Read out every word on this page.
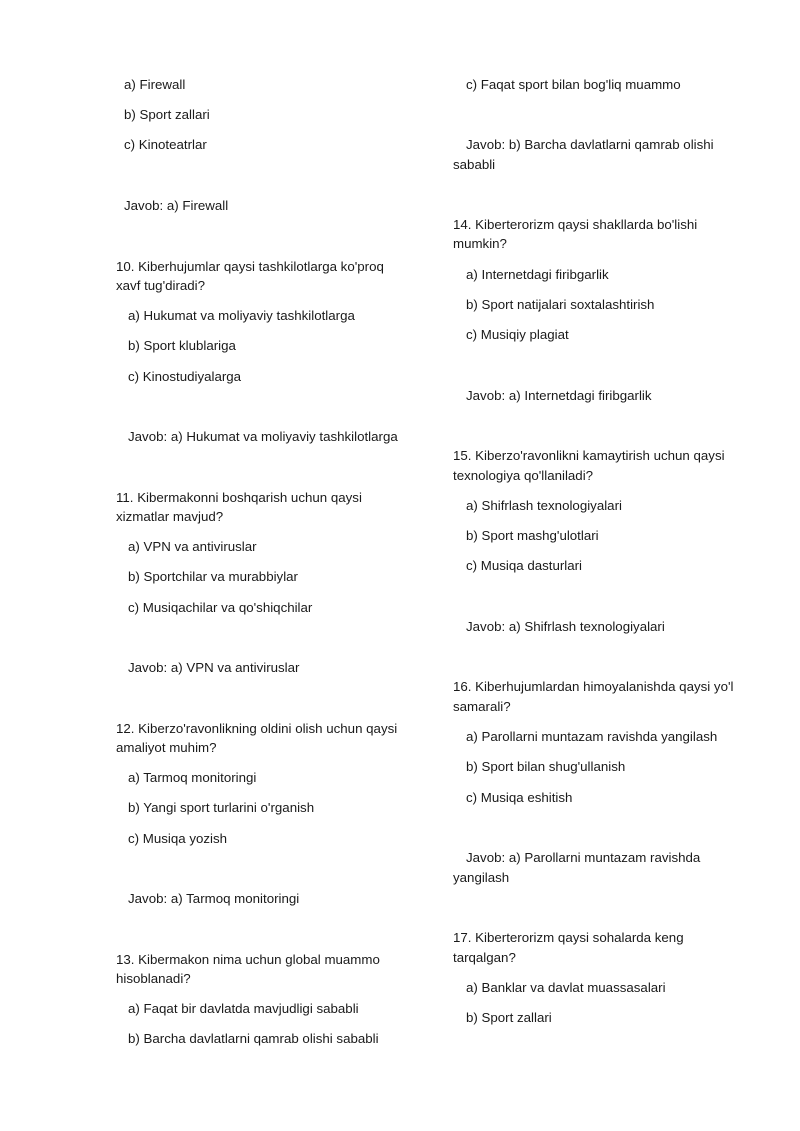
a) Firewall
b) Sport zallari
c) Kinoteatrlar
Javob: a) Firewall
10. Kiberhujumlar qaysi tashkilotlarga ko'proq
xavf tug'diradi?
a) Hukumat va moliyaviy tashkilotlarga
b) Sport klublariga
c) Kinostudiyalarga
Javob: a) Hukumat va moliyaviy tashkilotlarga
11. Kibermakonni boshqarish uchun qaysi
xizmatlar mavjud?
a) VPN va antiviruslar
b) Sportchilar va murabbiylar
c) Musiqachilar va qo'shiqchilar
Javob: a) VPN va antiviruslar
12. Kiberzo'ravonlikning oldini olish uchun qaysi
amaliyot muhim?
a) Tarmoq monitoringi
b) Yangi sport turlarini o'rganish
c) Musiqa yozish
Javob: a) Tarmoq monitoringi
13. Kibermakon nima uchun global muammo
hisoblanadi?
a) Faqat bir davlatda mavjudligi sababli
b) Barcha davlatlarni qamrab olishi sababli
c) Faqat sport bilan bog'liq muammo
Javob: b) Barcha davlatlarni qamrab olishi
sababli
14. Kiberterorizm qaysi shakllarda bo'lishi
mumkin?
a) Internetdagi firibgarlik
b) Sport natijalari soxtalashtirish
c) Musiqiy plagiat
Javob: a) Internetdagi firibgarlik
15. Kiberzo'ravonlikni kamaytirish uchun qaysi
texnologiya qo'llaniladi?
a) Shifrlash texnologiyalari
b) Sport mashg'ulotlari
c) Musiqa dasturlari
Javob: a) Shifrlash texnologiyalari
16. Kiberhujumlardan himoyalanishda qaysi yo'l
samarali?
a) Parollarni muntazam ravishda yangilash
b) Sport bilan shug'ullanish
c) Musiqa eshitish
Javob: a) Parollarni muntazam ravishda
yangilash
17. Kiberterorizm qaysi sohalarda keng
tarqalgan?
a) Banklar va davlat muassasalari
b) Sport zallari
